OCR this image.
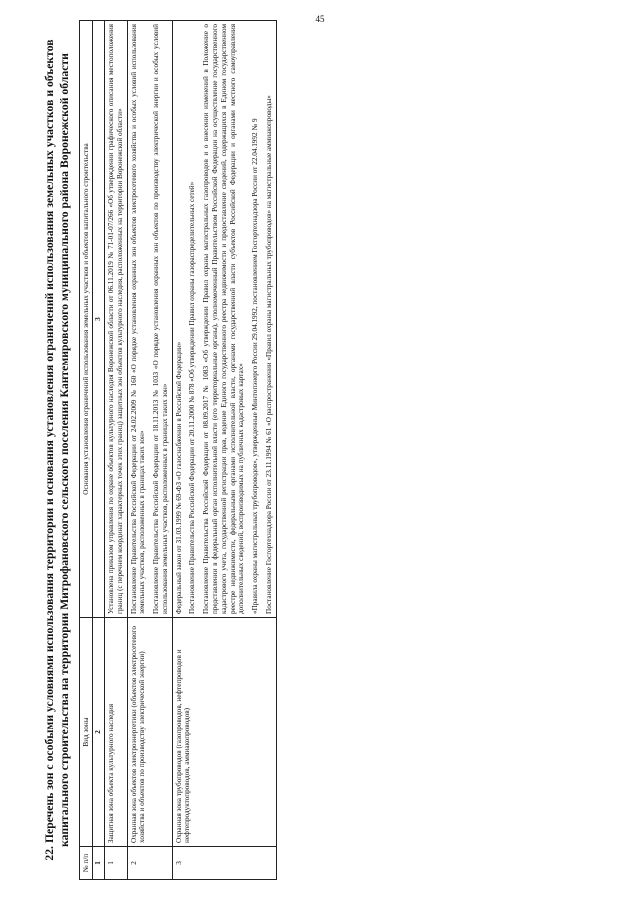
45
22. Перечень зон с особыми условиями использования территории и основания установления ограничений использования земельных участков и объектов капитального строительства на территории Митрофановского сельского поселения Кантемировского муниципального района Воронежской области
№ п/п	Вид зоны	Основания установления ограничений использования земельных участков и объектов капитального строительства
1	2	3
1	Защитная зона объекта культурного наследия	Установлена приказом управления по охране объектов культурного наследия Воронежской области от 06.11.2019 № 71-01-07/266 «Об утверждении графического описания местоположения границ (с перечнем координат характерных точек этих границ) защитных зон объектов культурного наследия, расположенных на территории Воронежской области»

2	Охранная зона объектов электроэнергетики (объектов электросетевого хозяйства и объектов по производству электрической энергии)	Постановление Правительства Российской Федерации от 24.02.2009 № 160 «О порядке установления охранных зон объектов электросетевого хозяйства и особых условий использования земельных участков, расположенных в границах таких зон» Постановление Правительства Российской Федерации от 18.11.2013 № 1033 «О порядке установления охранных зон объектов по производству электрической энергии и особых условий использования земельных участков, расположенных в границах таких зон»

3	Охранная зона трубопроводов (газопроводов, нефтепроводов и нефтепродуктопроводов, аммиакопроводов)	Федеральный закон от 31.03.1999 № 69-ФЗ «О газоснабжении в Российской Федерации» Постановление Правительства Российской Федерации от 20.11.2000 № 878 «Об утверждении Правил охраны газораспределительных сетей» Постановление Правительства Российской Федерации от 08.09.2017 № 1083 «Об утверждении Правил охраны магистральных газопроводов и о внесении изменений в Положение о представлении в федеральный орган исполнительной власти (его территориальные органы), уполномоченный Правительством Российской Федерации на осуществление государственного кадастрового учета, государственной регистрации прав, ведение Единого государственного реестра недвижимости и предоставление сведений, содержащихся в Едином государственном реестре недвижимости, федеральными органами исполнительной власти, органами государственной власти субъектов Российской Федерации и органами местного самоуправления дополнительных сведений, воспроизводимых на публичных кадастровых картах» «Правила охраны магистральных трубопроводов», утвержденные Минтопэнерго России 29.04.1992, постановлением Госгортехнадзора России от 22.04.1992 № 9 Постановление Госгортехнадзора России от 23.11.1994 № 61 «О распространении «Правил охраны магистральных трубопроводов» на магистральные аммиакопроводы»
